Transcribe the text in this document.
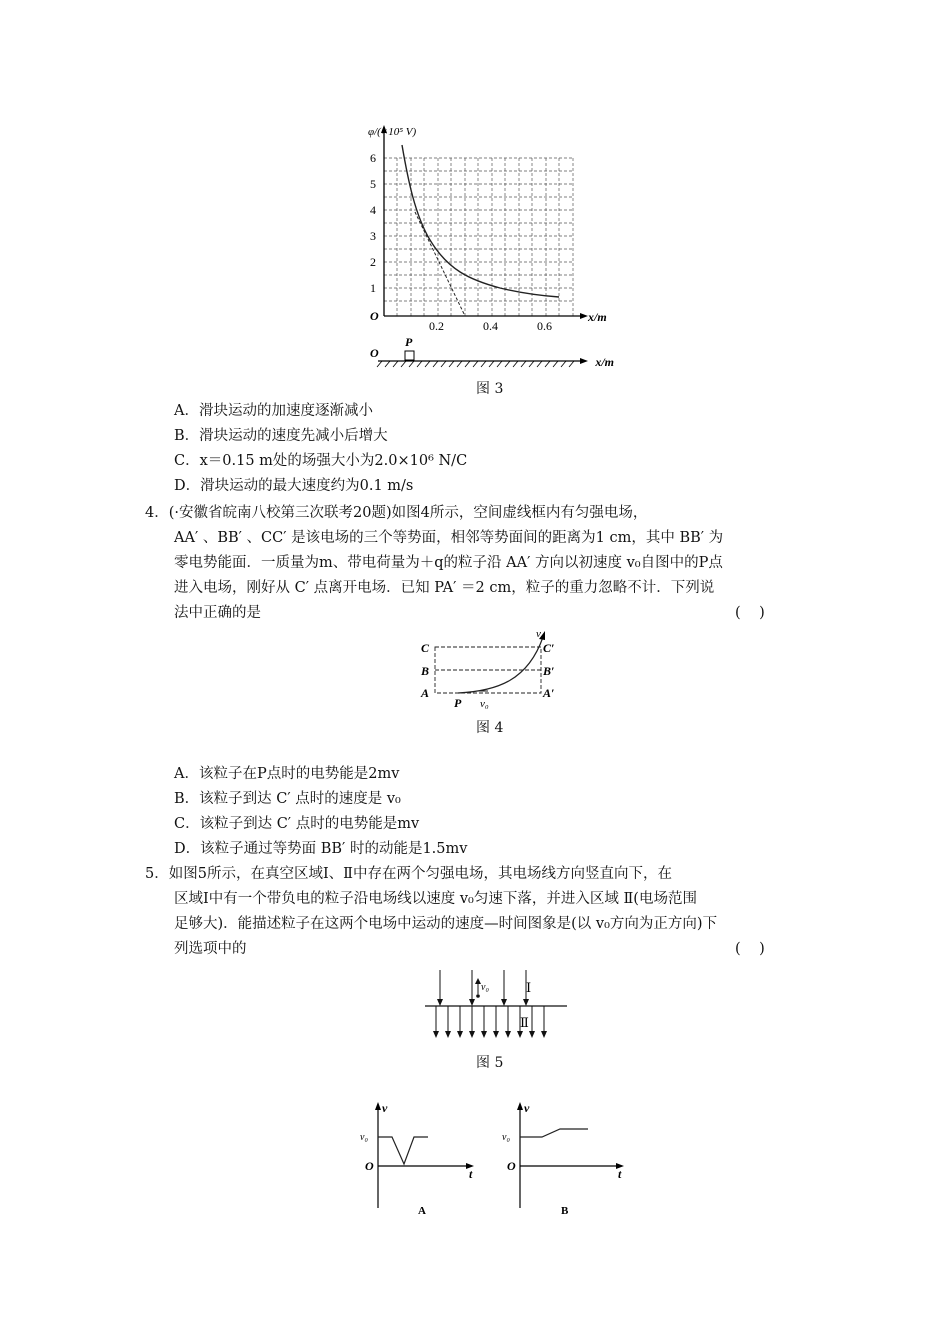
φ/(×10⁵ V)
6
5
4
3
2
1
O
0.2	0.4	0.6
x/m
O
P
x/m
图 3
A．滑块运动的加速度逐渐减小
B．滑块运动的速度先减小后增大
C．x＝0.15 m处的场强大小为2.0×10⁶ N/C
D．滑块运动的最大速度约为0.1 m/s
4．(·安徽省皖南八校第三次联考20题)如图4所示，空间虚线框内有匀强电场，
AA′ 、BB′ 、CC′ 是该电场的三个等势面，相邻等势面间的距离为1 cm，其中 BB′ 为
零电势能面．一质量为m、带电荷量为＋q的粒子沿 AA′ 方向以初速度 v₀自图中的P点
进入电场，刚好从 C′ 点离开电场．已知 PA′ ＝2 cm，粒子的重力忽略不计．下列说
法中正确的是	(    )
C
B
A
C′
B′
A′
P v₀
v
图 4
A．该粒子在P点时的电势能是2mv
B．该粒子到达 C′ 点时的速度是 v₀
C．该粒子到达 C′ 点时的电势能是mv
D．该粒子通过等势面 BB′ 时的动能是1.5mv
5．如图5所示，在真空区域Ⅰ、Ⅱ中存在两个匀强电场，其电场线方向竖直向下，在
区域Ⅰ中有一个带负电的粒子沿电场线以速度 v₀匀速下落，并进入区域 Ⅱ(电场范围
足够大)．能描述粒子在这两个电场中运动的速度—时间图象是(以 v₀方向为正方向)下
列选项中的	(    )
v₀	Ⅰ
Ⅱ
图 5
v
v₀
O
t
A
v
v₀
O
t
B
